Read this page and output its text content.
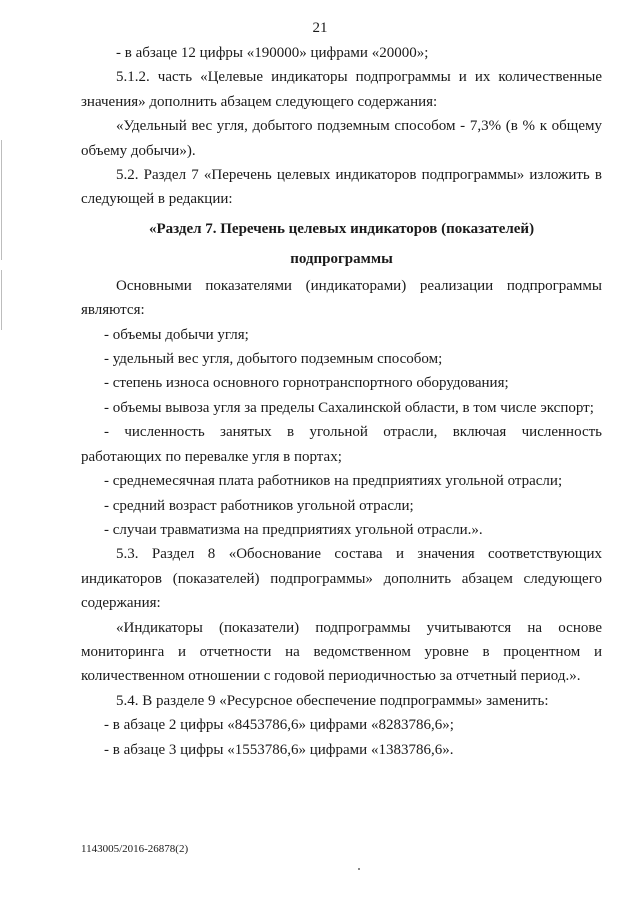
21

- в абзаце 12 цифры «190000» цифрами «20000»;

5.1.2. часть «Целевые индикаторы подпрограммы и их количественные значения» дополнить абзацем следующего содержания:

«Удельный вес угля, добытого подземным способом - 7,3% (в % к общему объему добычи»).

5.2. Раздел 7 «Перечень целевых индикаторов подпрограммы» изложить в следующей в редакции:

«Раздел 7. Перечень целевых индикаторов (показателей)

подпрограммы

Основными показателями (индикаторами) реализации подпрограммы являются:

- объемы добычи угля;

- удельный вес угля, добытого подземным способом;

- степень износа основного горнотранспортного оборудования;

- объемы вывоза угля за пределы Сахалинской области, в том числе экспорт;

- численность занятых в угольной отрасли, включая численность работающих по перевалке угля в портах;

- среднемесячная плата работников на предприятиях угольной отрасли;

- средний возраст работников угольной отрасли;

- случаи травматизма на предприятиях угольной отрасли.».

5.3. Раздел 8 «Обоснование состава и значения соответствующих индикаторов (показателей) подпрограммы» дополнить абзацем следующего содержания:

«Индикаторы (показатели) подпрограммы учитываются на основе мониторинга и отчетности на ведомственном уровне в процентном и количественном отношении с годовой периодичностью за отчетный период.».

5.4. В разделе 9 «Ресурсное обеспечение подпрограммы» заменить:

- в абзаце 2 цифры «8453786,6» цифрами «8283786,6»;

- в абзаце 3 цифры «1553786,6» цифрами «1383786,6».

1143005/2016-26878(2)
